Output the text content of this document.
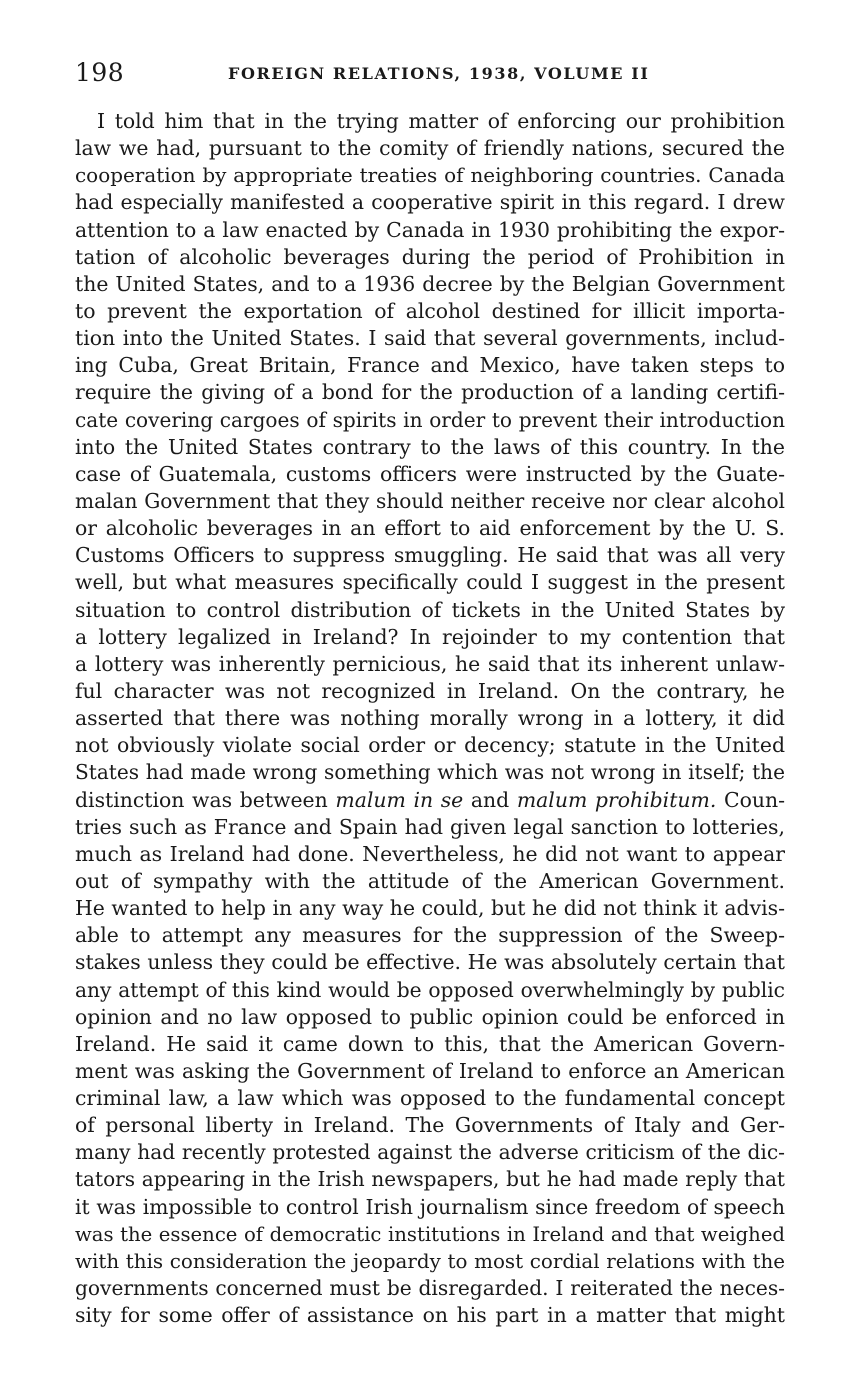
198	FOREIGN RELATIONS, 1938, VOLUME II
I told him that in the trying matter of enforcing our prohibition
law we had, pursuant to the comity of friendly nations, secured the
cooperation by appropriate treaties of neighboring countries. Canada
had especially manifested a cooperative spirit in this regard. I drew
attention to a law enacted by Canada in 1930 prohibiting the expor-
tation of alcoholic beverages during the period of Prohibition in
the United States, and to a 1936 decree by the Belgian Government
to prevent the exportation of alcohol destined for illicit importa-
tion into the United States. I said that several governments, includ-
ing Cuba, Great Britain, France and Mexico, have taken steps to
require the giving of a bond for the production of a landing certifi-
cate covering cargoes of spirits in order to prevent their introduction
into the United States contrary to the laws of this country. In the
case of Guatemala, customs officers were instructed by the Guate-
malan Government that they should neither receive nor clear alcohol
or alcoholic beverages in an effort to aid enforcement by the U. S.
Customs Officers to suppress smuggling. He said that was all very
well, but what measures specifically could I suggest in the present
situation to control distribution of tickets in the United States by
a lottery legalized in Ireland? In rejoinder to my contention that
a lottery was inherently pernicious, he said that its inherent unlaw-
ful character was not recognized in Ireland. On the contrary, he
asserted that there was nothing morally wrong in a lottery, it did
not obviously violate social order or decency; statute in the United
States had made wrong something which was not wrong in itself; the
distinction was between malum in se and malum prohibitum. Coun-
tries such as France and Spain had given legal sanction to lotteries,
much as Ireland had done. Nevertheless, he did not want to appear
out of sympathy with the attitude of the American Government.
He wanted to help in any way he could, but he did not think it advis-
able to attempt any measures for the suppression of the Sweep-
stakes unless they could be effective. He was absolutely certain that
any attempt of this kind would be opposed overwhelmingly by public
opinion and no law opposed to public opinion could be enforced in
Ireland. He said it came down to this, that the American Govern-
ment was asking the Government of Ireland to enforce an American
criminal law, a law which was opposed to the fundamental concept
of personal liberty in Ireland. The Governments of Italy and Ger-
many had recently protested against the adverse criticism of the dic-
tators appearing in the Irish newspapers, but he had made reply that
it was impossible to control Irish journalism since freedom of speech
was the essence of democratic institutions in Ireland and that weighed
with this consideration the jeopardy to most cordial relations with the
governments concerned must be disregarded. I reiterated the neces-
sity for some offer of assistance on his part in a matter that might
